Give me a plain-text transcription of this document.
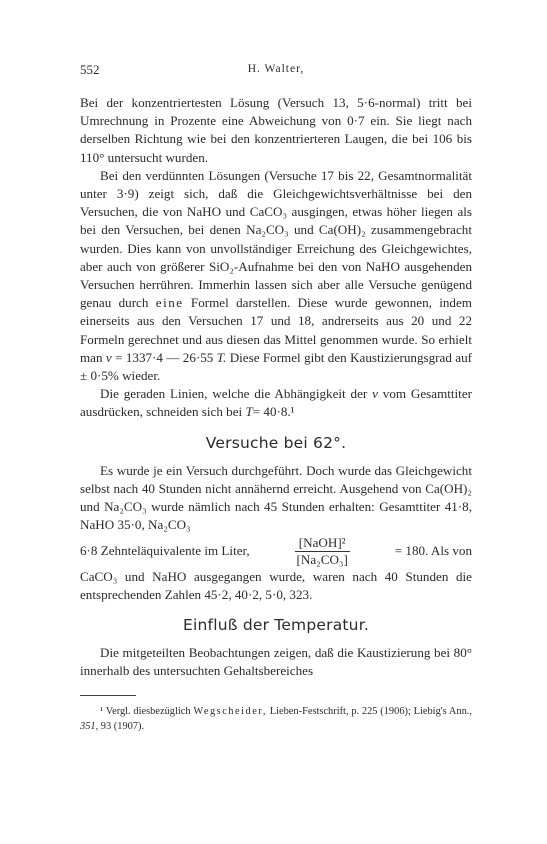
552	H. Walter,

Bei der konzentriertesten Lösung (Versuch 13, 5·6-normal) tritt bei Umrechnung in Prozente eine Abweichung von 0·7 ein. Sie liegt nach derselben Richtung wie bei den konzentrierteren Laugen, die bei 106 bis 110° untersucht wurden.

Bei den verdünnten Lösungen (Versuche 17 bis 22, Gesamtnormalität unter 3·9) zeigt sich, daß die Gleichgewichtsverhältnisse bei den Versuchen, die von NaHO und CaCO₃ ausgingen, etwas höher liegen als bei den Versuchen, bei denen Na₂CO₃ und Ca(OH)₂ zusammengebracht wurden. Dies kann von unvollständiger Erreichung des Gleichgewichtes, aber auch von größerer SiO₂-Aufnahme bei den von NaHO ausgehenden Versuchen herrühren. Immerhin lassen sich aber alle Versuche genügend genau durch eine Formel darstellen. Diese wurde gewonnen, indem einerseits aus den Versuchen 17 und 18, andrerseits aus 20 und 22 Formeln gerechnet und aus diesen das Mittel genommen wurde. So erhielt man v = 1337·4 — 26·55 T. Diese Formel gibt den Kaustizierungsgrad auf ± 0·5% wieder.

Die geraden Linien, welche die Abhängigkeit der v vom Gesamttiter ausdrücken, schneiden sich bei T= 40·8.¹

Versuche bei 62°.

Es wurde je ein Versuch durchgeführt. Doch wurde das Gleichgewicht selbst nach 40 Stunden nicht annähernd erreicht. Ausgehend von Ca(OH)₂ und Na₂CO₃ wurde nämlich nach 45 Stunden erhalten: Gesamttiter 41·8, NaHO 35·0, Na₂CO₃

6·8 Zehnteläquivalente im Liter,	$\frac{\text{[NaOH]²}}{\text{[Na₂CO₃]}}$	= 180. Als von

CaCO₃ und NaHO ausgegangen wurde, waren nach 40 Stunden die entsprechenden Zahlen 45·2, 40·2, 5·0, 323.

Einfluß der Temperatur.

Die mitgeteilten Beobachtungen zeigen, daß die Kaustizierung bei 80° innerhalb des untersuchten Gehaltsbereiches

¹ Vergl. diesbezüglich Wegscheider, Lieben-Festschrift, p. 225 (1906); Liebig's Ann., 351, 93 (1907).
